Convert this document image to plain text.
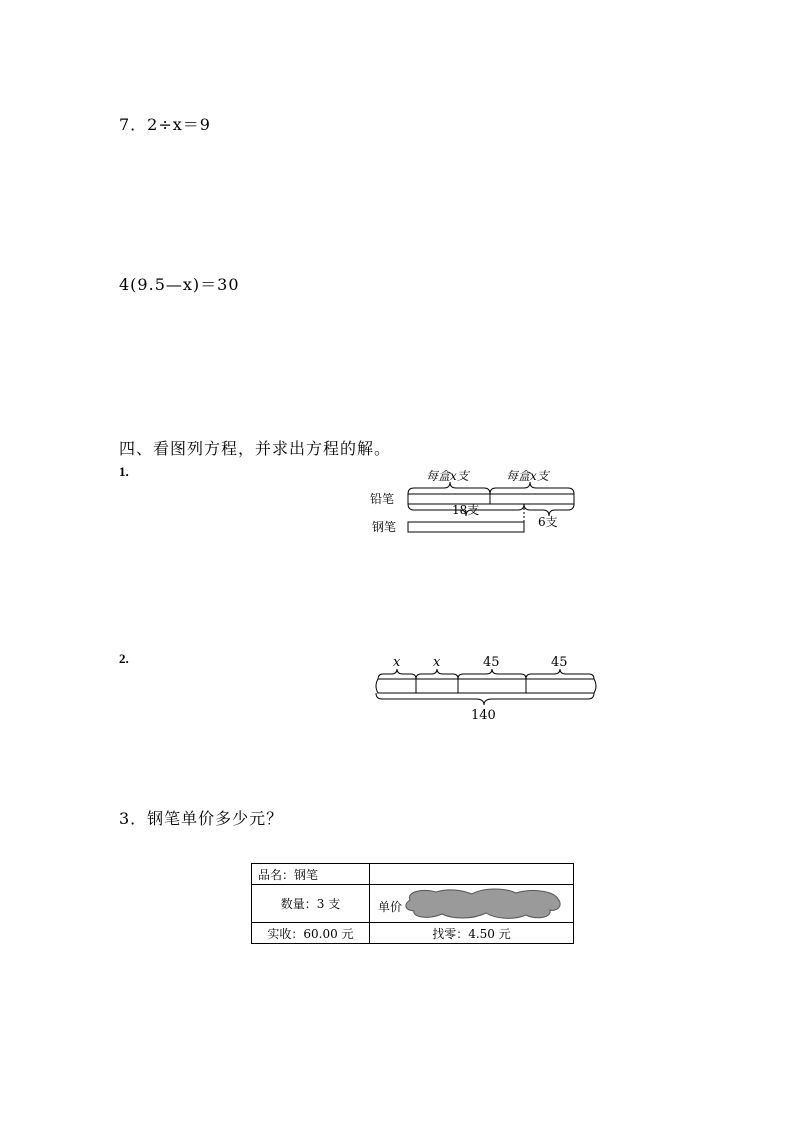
7．2÷x＝9
4(9.5—x)＝30
四、看图列方程，并求出方程的解。
1.
2.
铅笔
钢笔
每盒x支	每盒x支
18支
6支
x	x	45	45
140
3．钢笔单价多少元？
品名：钢笔	
数量：3 支	单价

实收：60.00 元	找零：4.50 元
